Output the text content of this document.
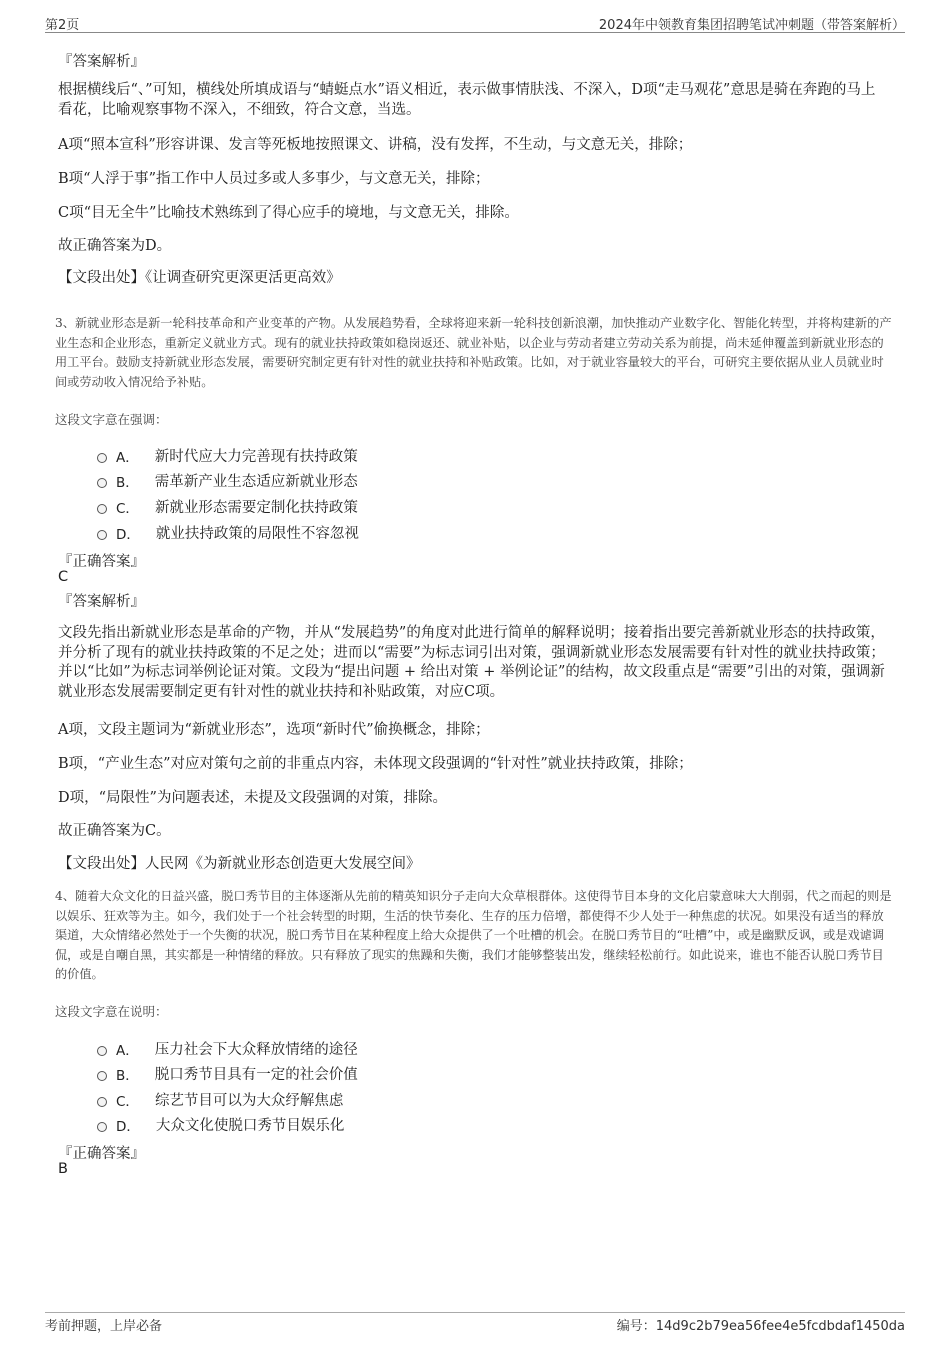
第2页	2024年中领教育集团招聘笔试冲刺题（带答案解析）
『答案解析』
根据横线后“、”可知，横线处所填成语与“蜻蜓点水”语义相近，表示做事情肤浅、不深入，D项“走马观花”意思是骑在奔跑的马上看花，比喻观察事物不深入，不细致，符合文意，当选。
A项“照本宣科”形容讲课、发言等死板地按照课文、讲稿，没有发挥，不生动，与文意无关，排除；
B项“人浮于事”指工作中人员过多或人多事少，与文意无关，排除；
C项“目无全牛”比喻技术熟练到了得心应手的境地，与文意无关，排除。
故正确答案为D。
【文段出处】《让调查研究更深更活更高效》
3、新就业形态是新一轮科技革命和产业变革的产物。从发展趋势看，全球将迎来新一轮科技创新浪潮，加快推动产业数字化、智能化转型，并将构建新的产业生态和企业形态，重新定义就业方式。现有的就业扶持政策如稳岗返还、就业补贴，以企业与劳动者建立劳动关系为前提，尚未延伸覆盖到新就业形态的用工平台。鼓励支持新就业形态发展，需要研究制定更有针对性的就业扶持和补贴政策。比如，对于就业容量较大的平台，可研究主要依据从业人员就业时间或劳动收入情况给予补贴。
这段文字意在强调：
A． 新时代应大力完善现有扶持政策
B． 需革新产业生态适应新就业形态
C． 新就业形态需要定制化扶持政策
D． 就业扶持政策的局限性不容忽视
『正确答案』
C
『答案解析』
文段先指出新就业形态是革命的产物，并从“发展趋势”的角度对此进行简单的解释说明；接着指出要完善新就业形态的扶持政策，并分析了现有的就业扶持政策的不足之处；进而以“需要”为标志词引出对策，强调新就业形态发展需要有针对性的就业扶持政策；并以“比如”为标志词举例论证对策。文段为“提出问题 + 给出对策 + 举例论证”的结构，故文段重点是“需要”引出的对策，强调新就业形态发展需要制定更有针对性的就业扶持和补贴政策，对应C项。
A项，文段主题词为“新就业形态”，选项“新时代”偷换概念，排除；
B项，“产业生态”对应对策句之前的非重点内容，未体现文段强调的“针对性”就业扶持政策，排除；
D项，“局限性”为问题表述，未提及文段强调的对策，排除。
故正确答案为C。
【文段出处】人民网《为新就业形态创造更大发展空间》
4、随着大众文化的日益兴盛，脱口秀节目的主体逐渐从先前的精英知识分子走向大众草根群体。这使得节目本身的文化启蒙意味大大削弱，代之而起的则是以娱乐、狂欢等为主。如今，我们处于一个社会转型的时期，生活的快节奏化、生存的压力倍增，都使得不少人处于一种焦虑的状况。如果没有适当的释放渠道，大众情绪必然处于一个失衡的状况，脱口秀节目在某种程度上给大众提供了一个吐槽的机会。在脱口秀节目的“吐槽”中，或是幽默反讽，或是戏谑调侃，或是自嘲自黑，其实都是一种情绪的释放。只有释放了现实的焦躁和失衡，我们才能够整装出发，继续轻松前行。如此说来，谁也不能否认脱口秀节目的价值。
这段文字意在说明：
A． 压力社会下大众释放情绪的途径
B． 脱口秀节目具有一定的社会价值
C． 综艺节目可以为大众纾解焦虑
D． 大众文化使脱口秀节目娱乐化
『正确答案』
B
考前押题，上岸必备	编号：14d9c2b79ea56fee4e5fcdbdaf1450da
